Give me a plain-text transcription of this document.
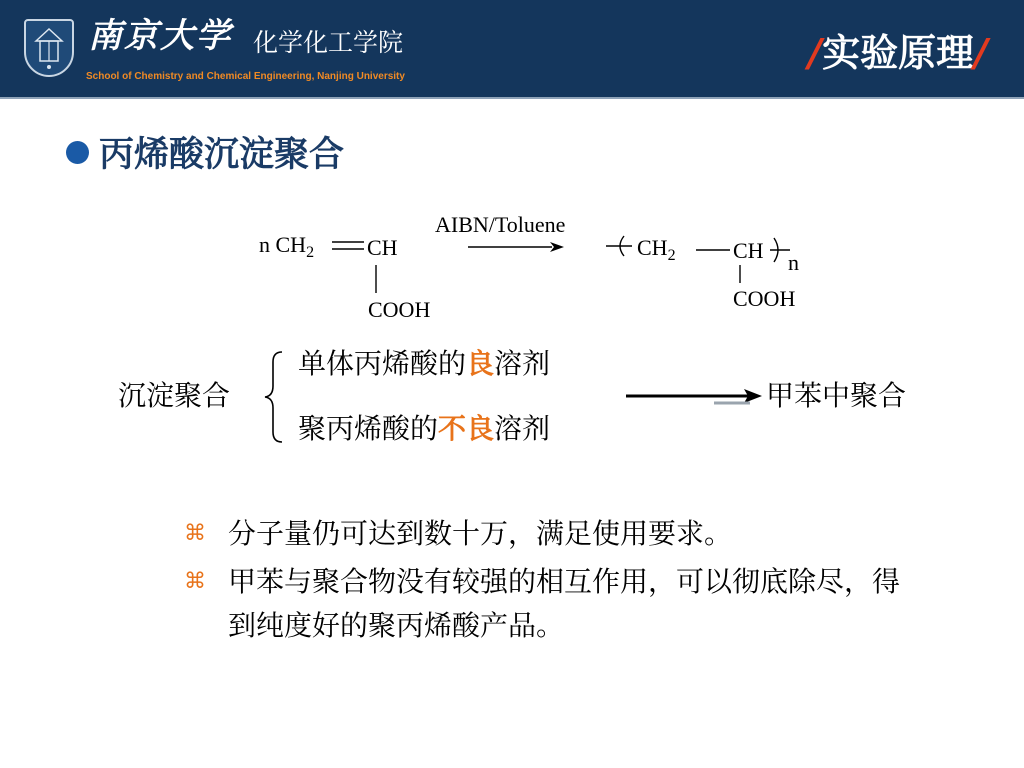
南京大学 化学化工学院
School of Chemistry and Chemical Engineering, Nanjing University
/实验原理/
丙烯酸沉淀聚合
n $CH_2$ CH
COOH
AIBN/Toluene
$CH_2$	CH n
COOH
沉淀聚合
单体丙烯酸的良溶剂
聚丙烯酸的不良溶剂
甲苯中聚合
⌘ 分子量仍可达到数十万，满足使用要求。
⌘ 甲苯与聚合物没有较强的相互作用，可以彻底除尽，得到纯度好的聚丙烯酸产品。
